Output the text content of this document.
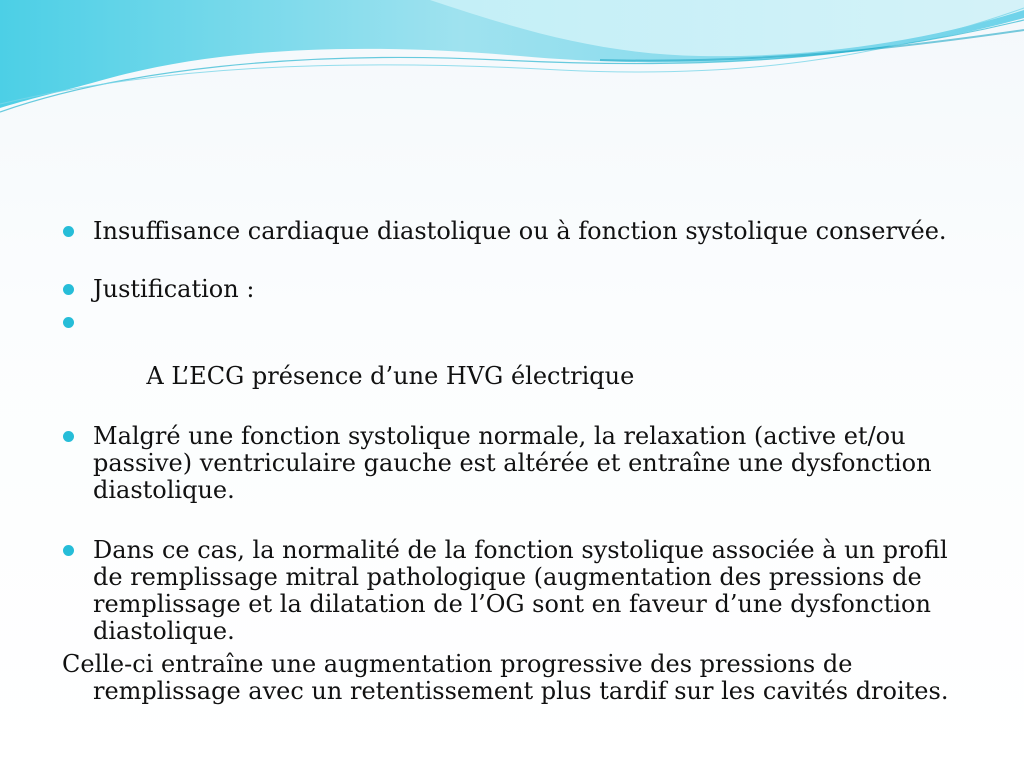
Insuffisance cardiaque diastolique ou à fonction systolique conservée.

Justification :

A L’ECG présence d’une HVG électrique

Malgré une fonction systolique normale, la relaxation (active et/ou passive) ventriculaire gauche est altérée et entraîne une dysfonction diastolique.

Dans ce cas, la normalité de la fonction systolique associée à un profil de remplissage mitral pathologique (augmentation des pressions de remplissage et la dilatation de l’OG sont en faveur d’une dysfonction diastolique.

Celle-ci entraîne une augmentation progressive des pressions de remplissage avec un retentissement plus tardif sur les cavités droites.
